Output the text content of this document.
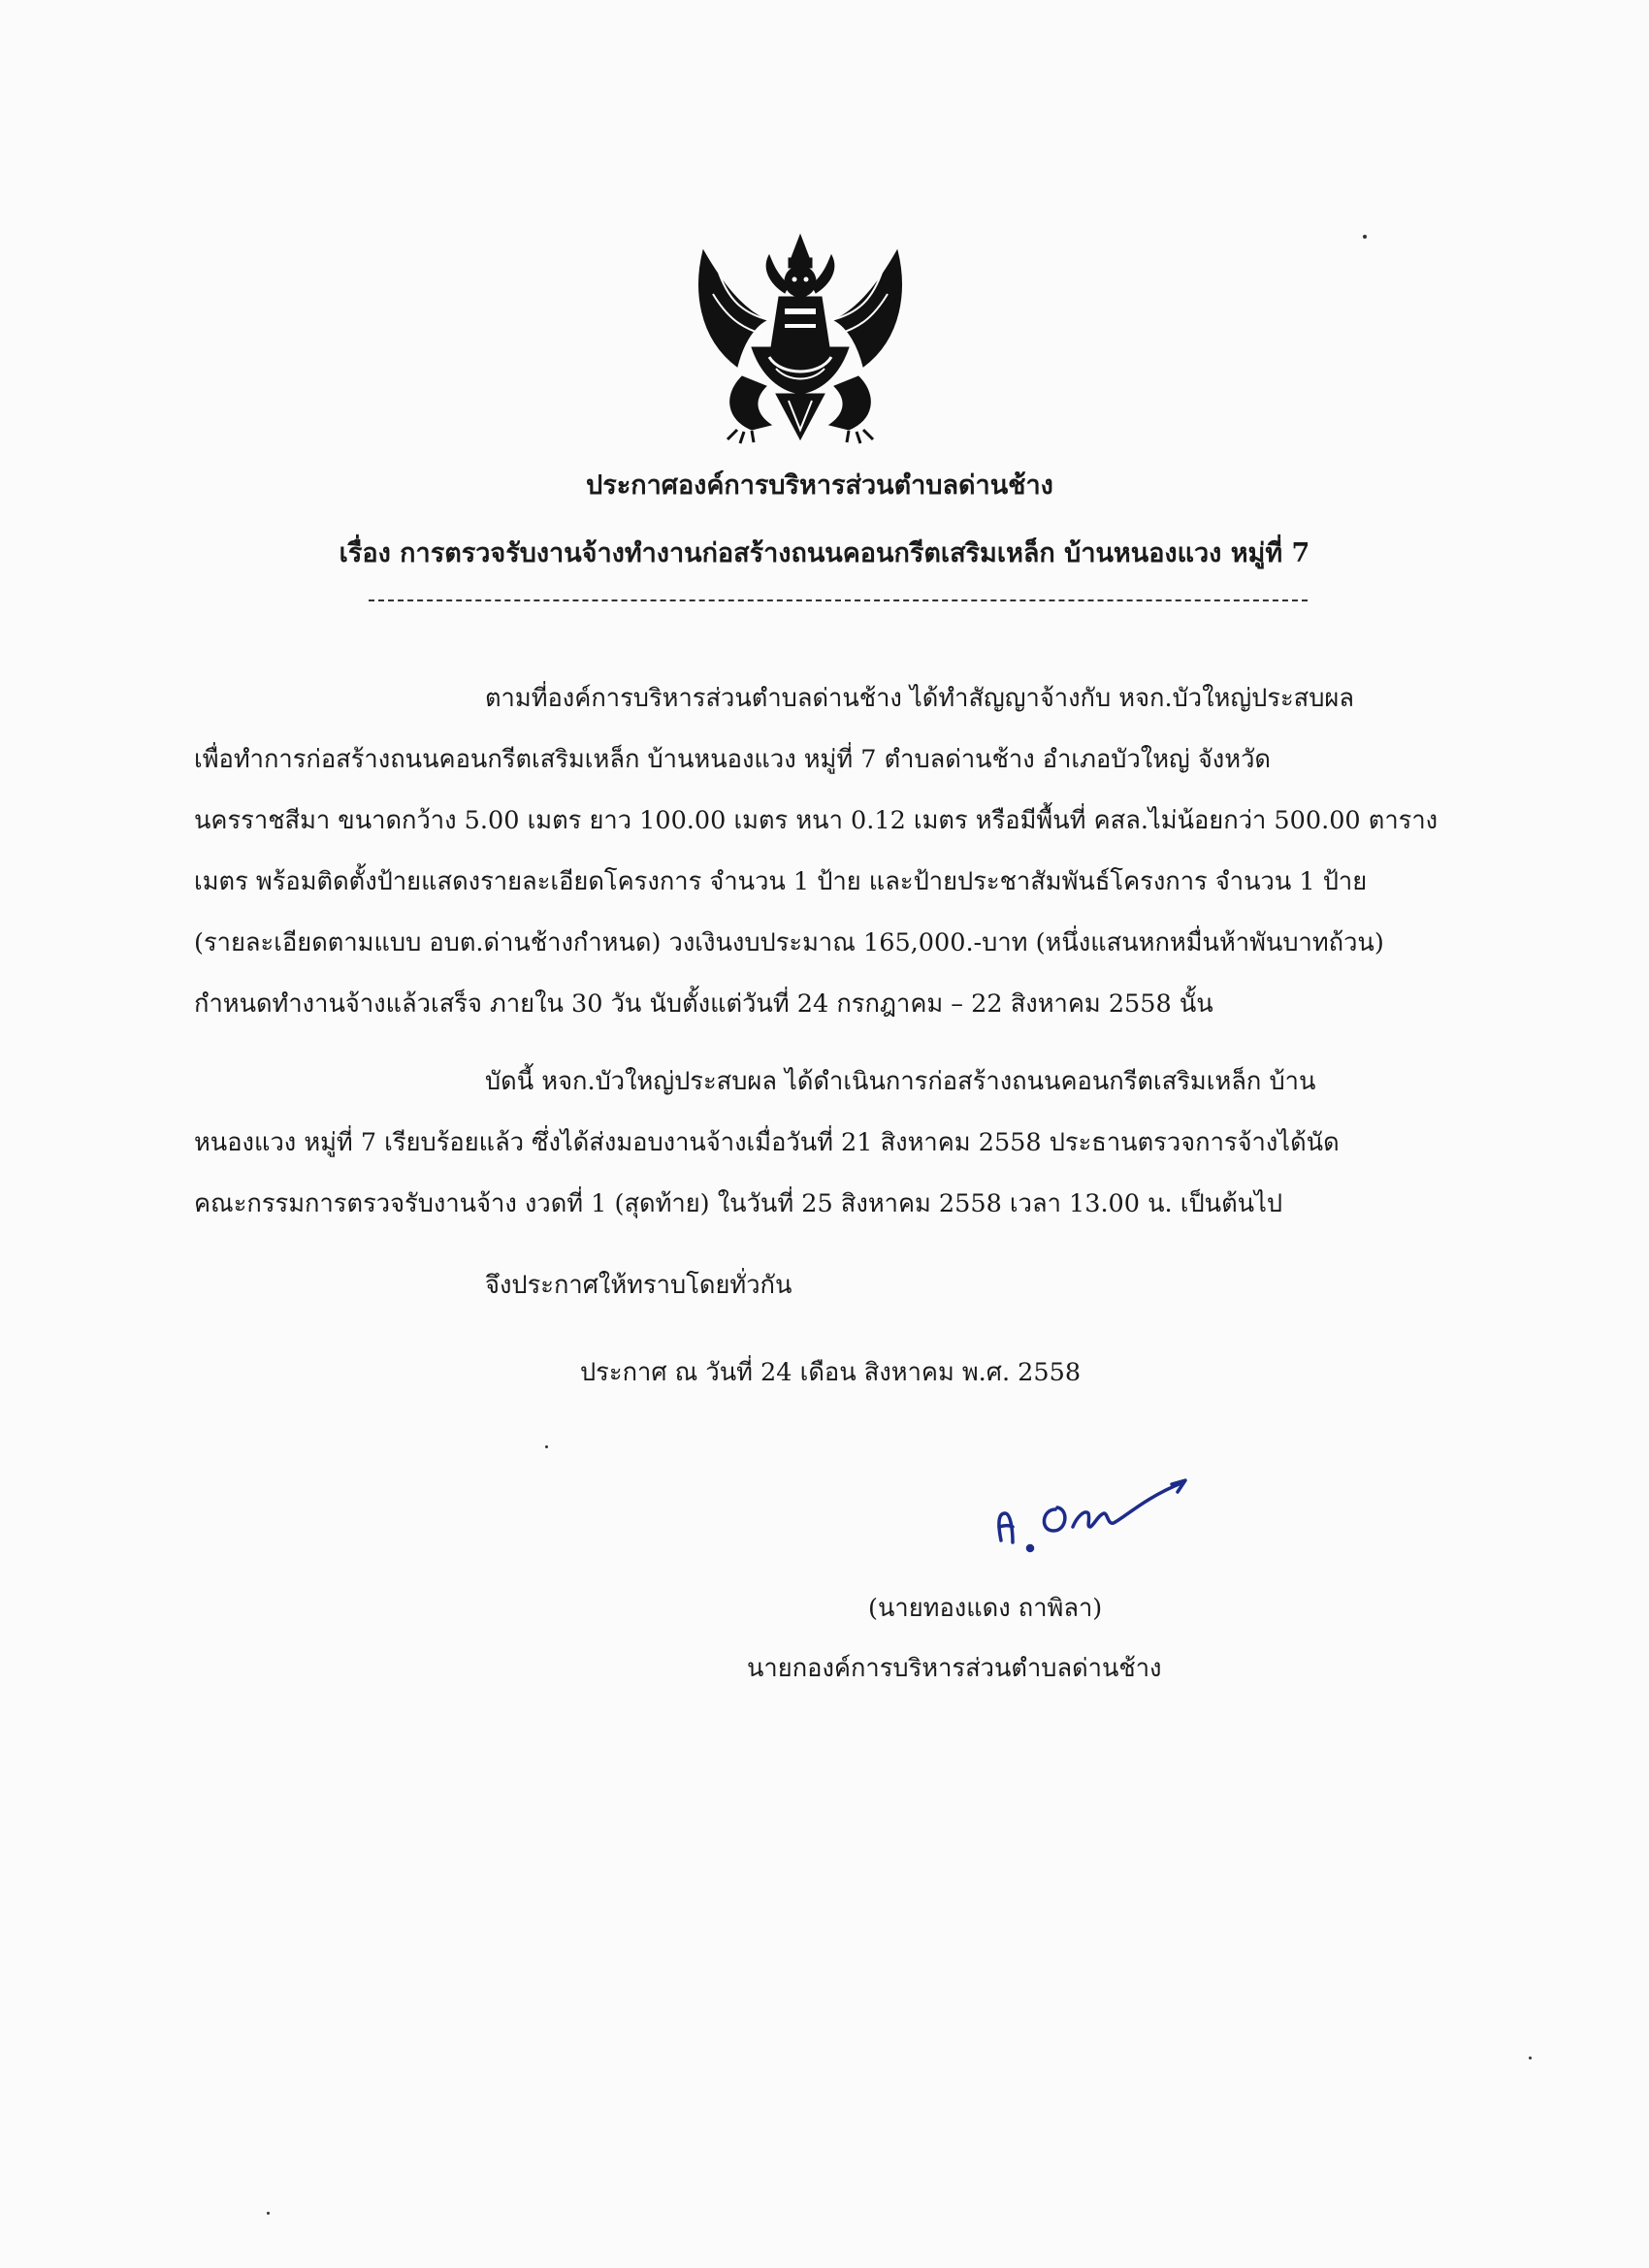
ประกาศองค์การบริหารส่วนตำบลด่านช้าง
เรื่อง การตรวจรับงานจ้างทำงานก่อสร้างถนนคอนกรีตเสริมเหล็ก บ้านหนองแวง หมู่ที่ 7
ตามที่องค์การบริหารส่วนตำบลด่านช้าง ได้ทำสัญญาจ้างกับ หจก.บัวใหญ่ประสบผล
เพื่อทำการก่อสร้างถนนคอนกรีตเสริมเหล็ก บ้านหนองแวง หมู่ที่ 7 ตำบลด่านช้าง อำเภอบัวใหญ่ จังหวัด
นครราชสีมา ขนาดกว้าง 5.00 เมตร ยาว 100.00 เมตร หนา 0.12 เมตร หรือมีพื้นที่ คสล.ไม่น้อยกว่า 500.00 ตาราง
เมตร พร้อมติดตั้งป้ายแสดงรายละเอียดโครงการ จำนวน 1 ป้าย และป้ายประชาสัมพันธ์โครงการ จำนวน 1 ป้าย
(รายละเอียดตามแบบ อบต.ด่านช้างกำหนด) วงเงินงบประมาณ 165,000.-บาท (หนึ่งแสนหกหมื่นห้าพันบาทถ้วน)
กำหนดทำงานจ้างแล้วเสร็จ ภายใน 30 วัน นับตั้งแต่วันที่ 24 กรกฎาคม – 22 สิงหาคม 2558 นั้น
บัดนี้ หจก.บัวใหญ่ประสบผล ได้ดำเนินการก่อสร้างถนนคอนกรีตเสริมเหล็ก บ้าน
หนองแวง หมู่ที่ 7 เรียบร้อยแล้ว ซึ่งได้ส่งมอบงานจ้างเมื่อวันที่ 21 สิงหาคม 2558 ประธานตรวจการจ้างได้นัด
คณะกรรมการตรวจรับงานจ้าง งวดที่ 1 (สุดท้าย) ในวันที่ 25 สิงหาคม 2558 เวลา 13.00 น. เป็นต้นไป
จึงประกาศให้ทราบโดยทั่วกัน
ประกาศ ณ วันที่ 24 เดือน สิงหาคม พ.ศ. 2558
(นายทองแดง ถาพิลา)
นายกองค์การบริหารส่วนตำบลด่านช้าง
